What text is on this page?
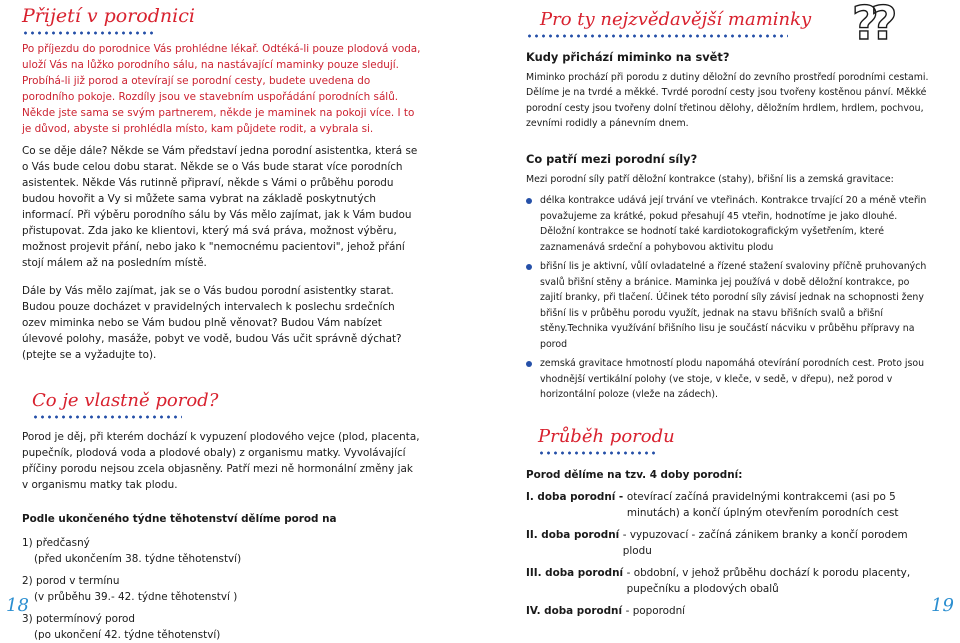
Přijetí v porodnici

Po příjezdu do porodnice Vás prohlédne lékař. Odtéká-li pouze plodová voda, uloží Vás na lůžko porodního sálu, na nastávající maminky pouze sledují. Probíhá-li již porod a otevírají se porodní cesty, budete uvedena do porodního pokoje. Rozdíly jsou ve stavebním uspořádání porodních sálů. Někde jste sama se svým partnerem, někde je maminek na pokoji více. I to je důvod, abyste si prohlédla místo, kam půjdete rodit, a vybrala si.

Co se děje dále? Někde se Vám představí jedna porodní asistentka, která se o Vás bude celou dobu starat. Někde se o Vás bude starat více porodních asistentek. Někde Vás rutinně připraví, někde s Vámi o průběhu porodu budou hovořit a Vy si můžete sama vybrat na základě poskytnutých informací. Při výběru porodního sálu by Vás mělo zajímat, jak k Vám budou přistupovat. Zda jako ke klientovi, který má svá práva, možnost výběru, možnost projevit přání, nebo jako k "nemocnému pacientovi", jehož přání stojí málem až na posledním místě.

Dále by Vás mělo zajímat, jak se o Vás budou porodní asistentky starat. Budou pouze docházet v pravidelných intervalech k poslechu srdečních ozev miminka nebo se Vám budou plně věnovat? Budou Vám nabízet úlevové polohy, masáže, pobyt ve vodě, budou Vás učit správně dýchat? (ptejte se a vyžadujte to).

Co je vlastně porod?

Porod je děj, při kterém dochází k vypuzení plodového vejce (plod, placenta, pupečník, plodová voda a plodové obaly) z organismu matky. Vyvolávající příčiny porodu nejsou zcela objasněny. Patří mezi ně hormonální změny jak v organismu matky tak plodu.

Podle ukončeného týdne těhotenství dělíme porod na

1) předčasný
(před ukončením 38. týdne těhotenství)
2) porod v termínu
(v průběhu 39.- 42. týdne těhotenství )
3) potermínový porod
(po ukončení 42. týdne těhotenství)
18
??
Pro ty nejzvědavější maminky

Kudy přichází miminko na svět?

Miminko prochází při porodu z dutiny děložní do zevního prostředí porodními cestami. Dělíme je na tvrdé a měkké. Tvrdé porodní cesty jsou tvořeny kostěnou pánví. Měkké porodní cesty jsou tvořeny dolní třetinou dělohy, děložním hrdlem, hrdlem, pochvou, zevními rodidly a pánevním dnem.

Co patří mezi porodní síly?

Mezi porodní síly patří děložní kontrakce (stahy), břišní lis a zemská gravitace:

délka kontrakce udává její trvání ve vteřinách. Kontrakce trvající 20 a méně vteřin považujeme za krátké, pokud přesahují 45 vteřin, hodnotíme je jako dlouhé. Děložní kontrakce se hodnotí také kardiotokografickým vyšetřením, které zaznamenává srdeční a pohybovou aktivitu plodu
břišní lis je aktivní, vůlí ovladatelné a řízené stažení svaloviny příčně pruhovaných svalů břišní stěny a bránice. Maminka jej používá v době děložní kontrakce, po zajití branky, při tlačení. Účinek této porodní síly závisí jednak na schopnosti ženy břišní lis v průběhu porodu využít, jednak na stavu břišních svalů a břišní stěny.Technika využívání břišního lisu je součástí nácviku v průběhu přípravy na porod
zemská gravitace hmotností plodu napomáhá otevírání porodních cest. Proto jsou vhodnější vertikální polohy (ve stoje, v kleče, v sedě, v dřepu), než porod v horizontální poloze (vleže na zádech).
Průběh porodu

Porod dělíme na tzv. 4 doby porodní:

I. doba porodní - otevírací začíná pravidelnými kontrakcemi (asi po 5 minutách) a končí úplným otevřením porodních cest
II. doba porodní - vypuzovací - začíná zánikem branky a končí porodem plodu
III. doba porodní - obdobní, v jehož průběhu dochází k porodu placenty, pupečníku a plodových obalů
IV. doba porodní - poporodní	19
